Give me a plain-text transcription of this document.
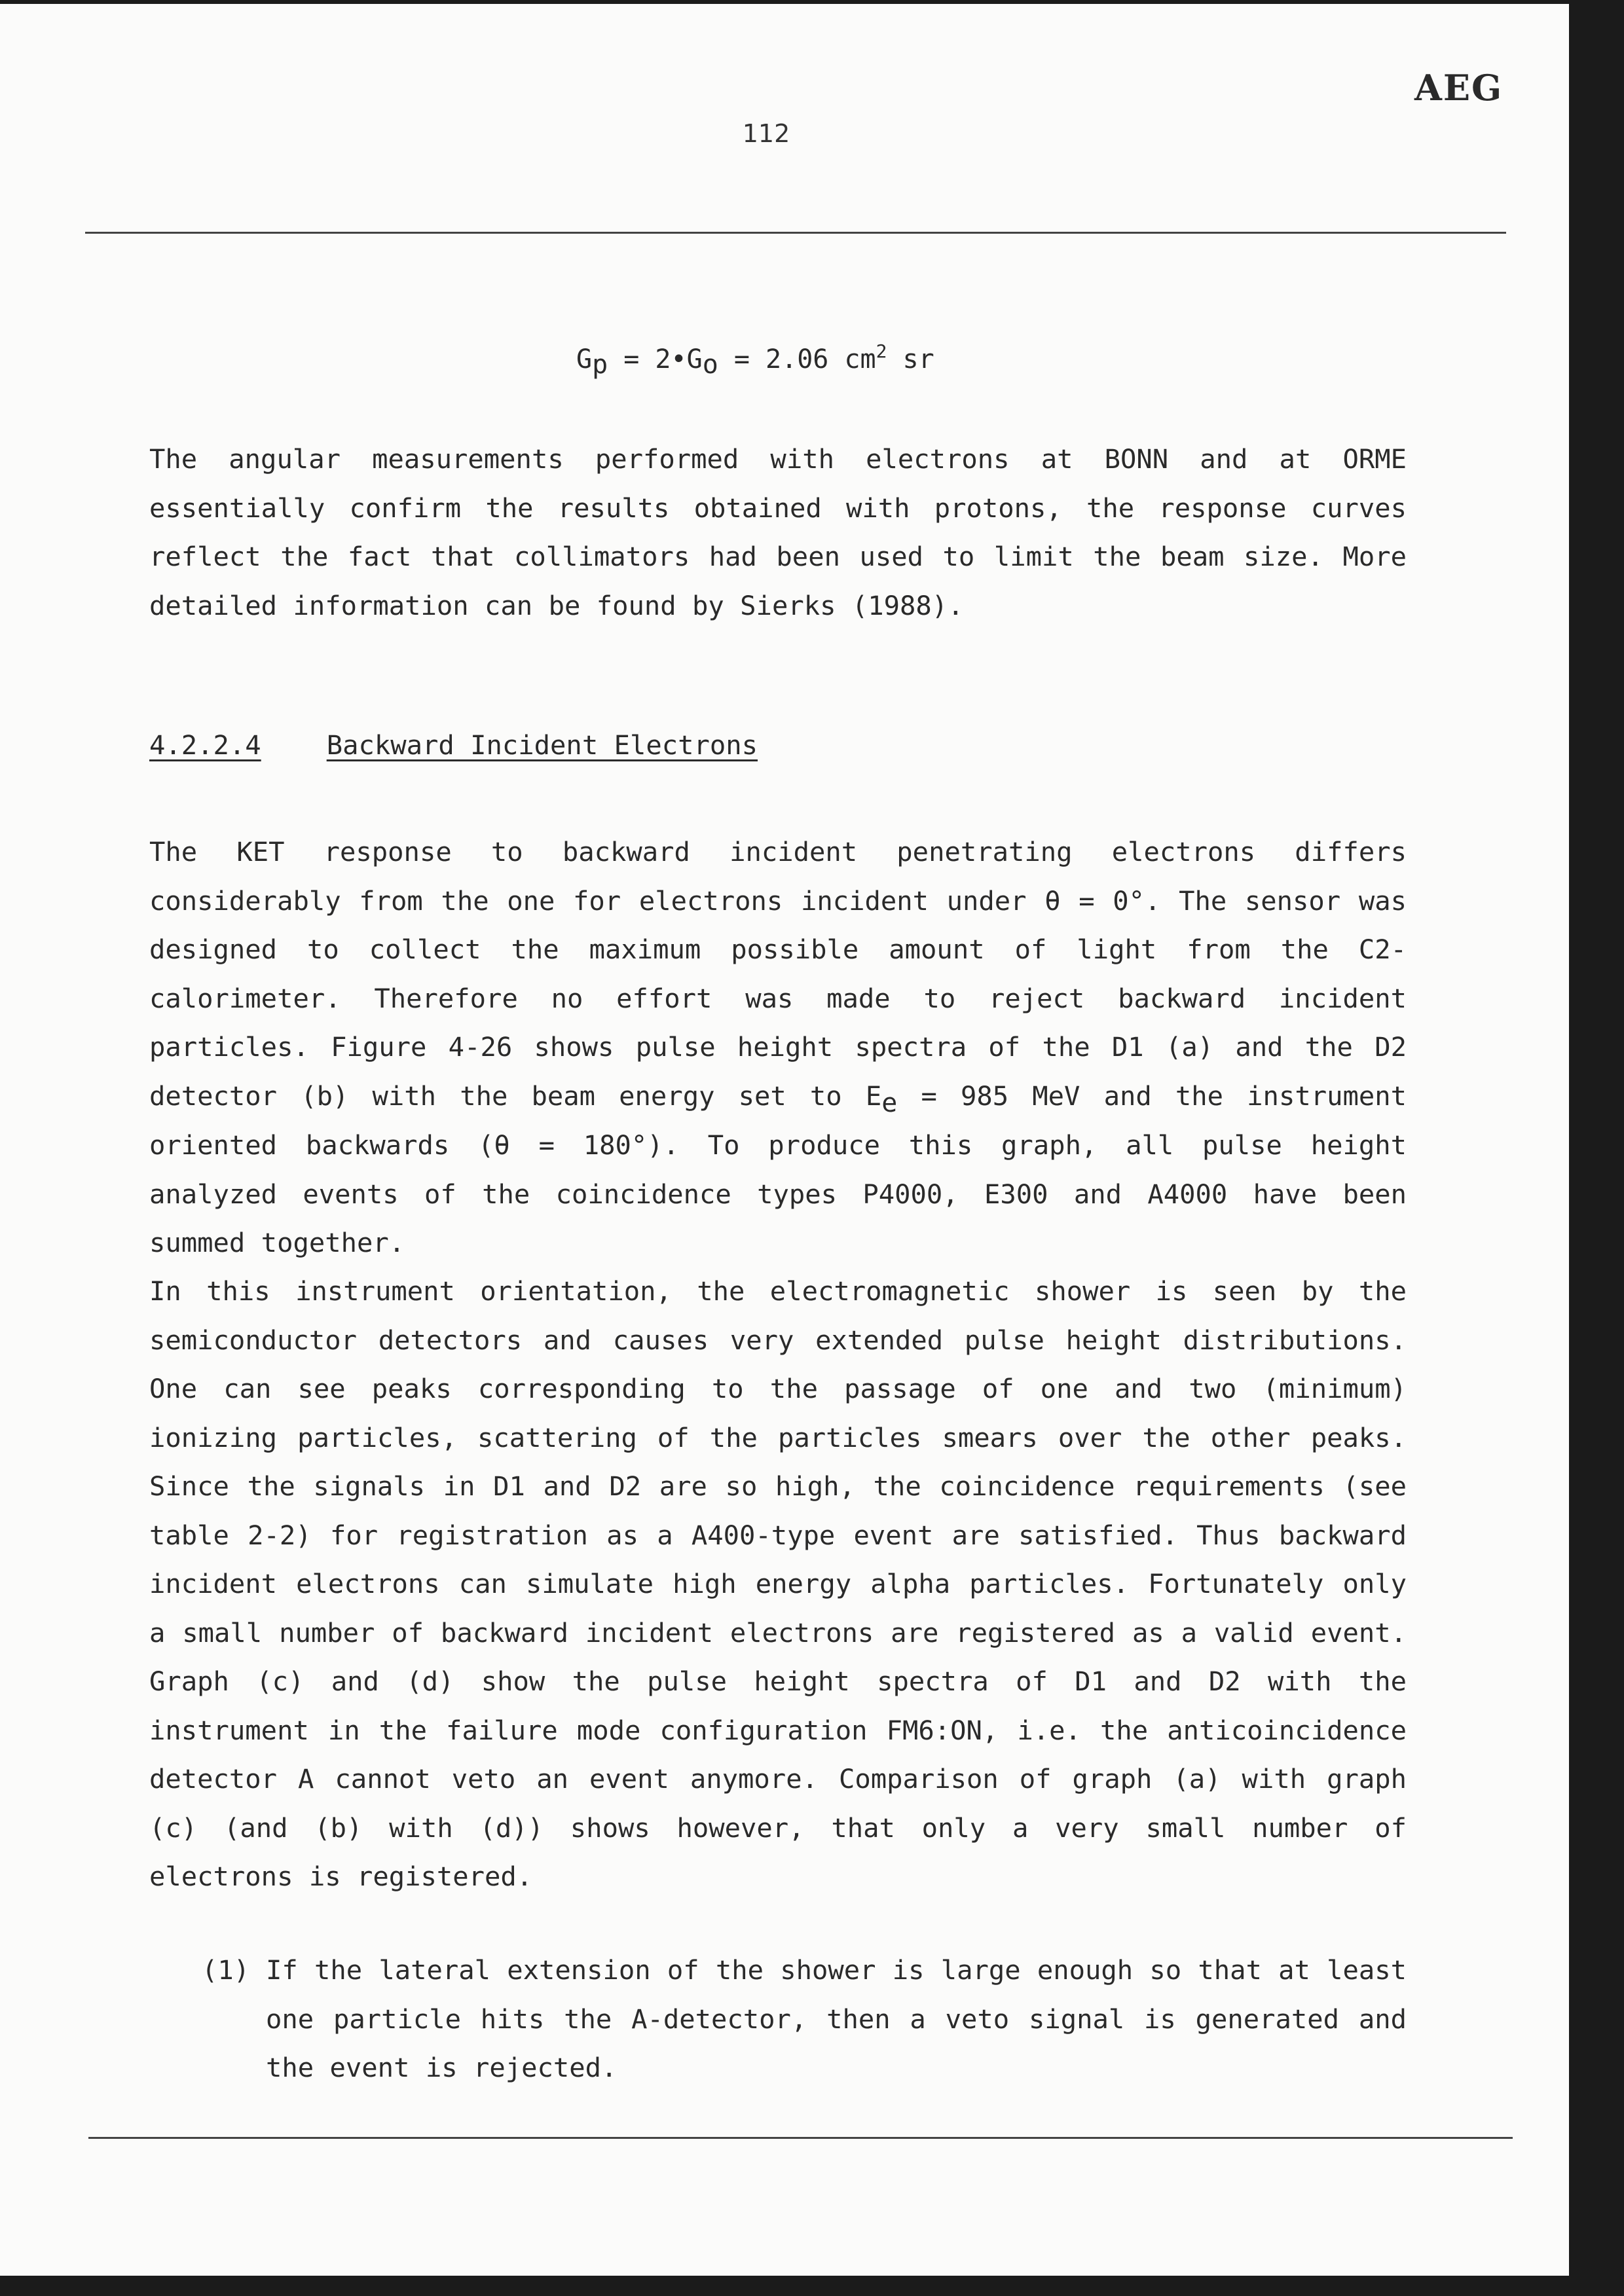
AEG
112
$G_p$ = $2•G_o = 2.06$ $cm^2$ sr
The angular measurements performed with electrons at BONN and at ORME essentially confirm the results obtained with protons, the response curves reflect the fact that collimators had been used to limit the beam size. More detailed information can be found by Sierks (1988).
4.2.2.4 Backward Incident Electrons
The KET response to backward incident penetrating electrons differs considerably from the one for electrons incident under θ = 0°. The sensor was designed to collect the maximum possible amount of light from the C2-calorimeter. Therefore no effort was made to reject backward incident particles. Figure 4-26 shows pulse height spectra of the D1 (a) and the D2 detector (b) with the beam energy set to $E_e = 985$ MeV and the instrument oriented backwards (θ = 180°). To produce this graph, all pulse height analyzed events of the coincidence types P4000, E300 and A4000 have been summed together.
In this instrument orientation, the electromagnetic shower is seen by the semiconductor detectors and causes very extended pulse height distributions. One can see peaks corresponding to the passage of one and two (minimum) ionizing particles, scattering of the particles smears over the other peaks. Since the signals in D1 and D2 are so high, the coincidence requirements (see table 2-2) for registration as a A400-type event are satisfied. Thus backward incident electrons can simulate high energy alpha particles. Fortunately only a small number of backward incident electrons are registered as a valid event. Graph (c) and (d) show the pulse height spectra of D1 and D2 with the instrument in the failure mode configuration FM6:ON, i.e. the anticoincidence detector A cannot veto an event anymore. Comparison of graph (a) with graph (c) (and (b) with (d)) shows however, that only a very small number of electrons is registered.
(1) If the lateral extension of the shower is large enough so that at least one particle hits the A-detector, then a veto signal is generated and the event is rejected.
